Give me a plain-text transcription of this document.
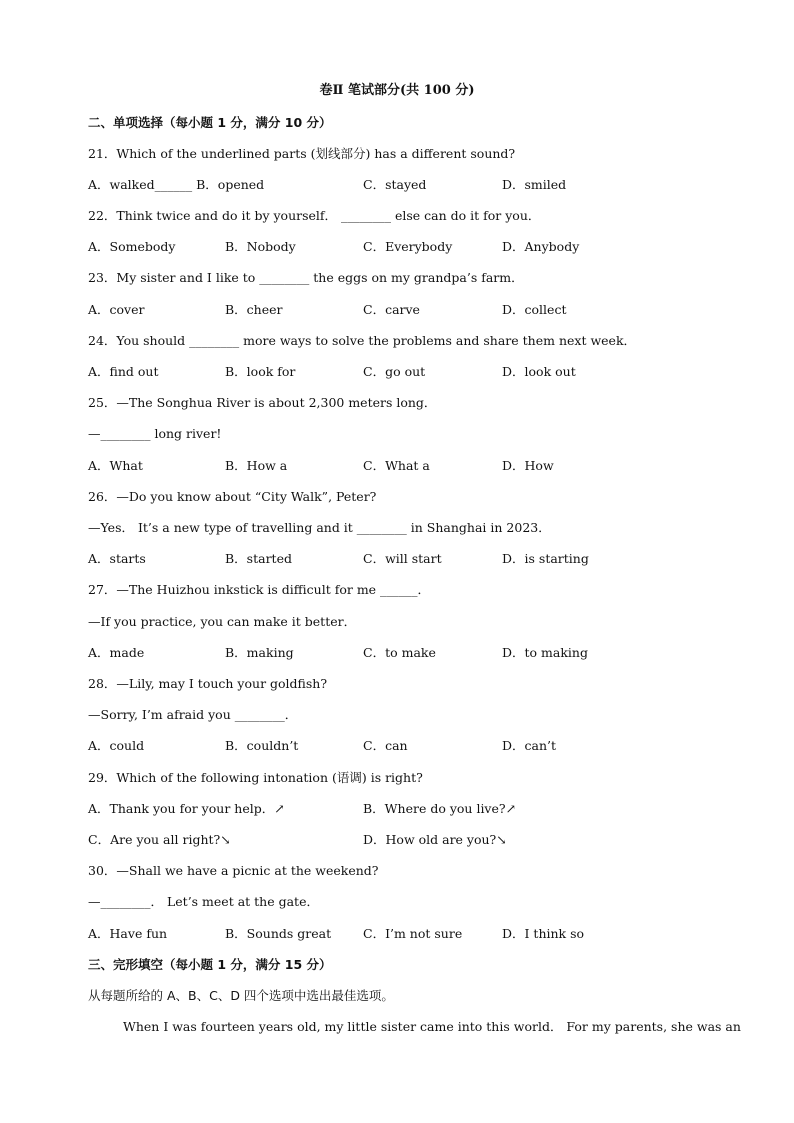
卷Ⅱ 笔试部分(共 100 分)
二、单项选择（每小题 1 分，满分 10 分）
21．Which of the underlined parts (划线部分) has a different sound?
A．walked______ B．opened	C．stayed	D．smiled
22．Think twice and do it by yourself． ________ else can do it for you．
A．Somebody	B．Nobody	C．Everybody	D．Anybody
23．My sister and I like to ________ the eggs on my grandpa’s farm．
A．cover	B．cheer	C．carve	D．collect
24．You should ________ more ways to solve the problems and share them next week．
A．find out	B．look for	C．go out	D．look out
25．—The Songhua River is about 2,300 meters long．
—________ long river!
A．What	B．How a	C．What a	D．How
26．—Do you know about “City Walk”, Peter?
—Yes． It’s a new type of travelling and it ________ in Shanghai in 2023．
A．starts	B．started	C．will start	D．is starting
27．—The Huizhou inkstick is difficult for me ______．
—If you practice, you can make it better．
A．made	B．making	C．to make	D．to making
28．—Lily, may I touch your goldfish?
—Sorry, I’m afraid you ________．
A．could	B．couldn’t	C．can	D．can’t
29．Which of the following intonation (语调) is right?
A．Thank you for your help．↗	B．Where do you live?↗
C．Are you all right?↘	D．How old are you?↘
30．—Shall we have a picnic at the weekend?
—________． Let’s meet at the gate．
A．Have fun	B．Sounds great	C．I’m not sure	D．I think so
三、完形填空（每小题 1 分，满分 15 分）
从每题所给的 A、B、C、D 四个选项中选出最佳选项。
When I was fourteen years old, my little sister came into this world． For my parents, she was an
